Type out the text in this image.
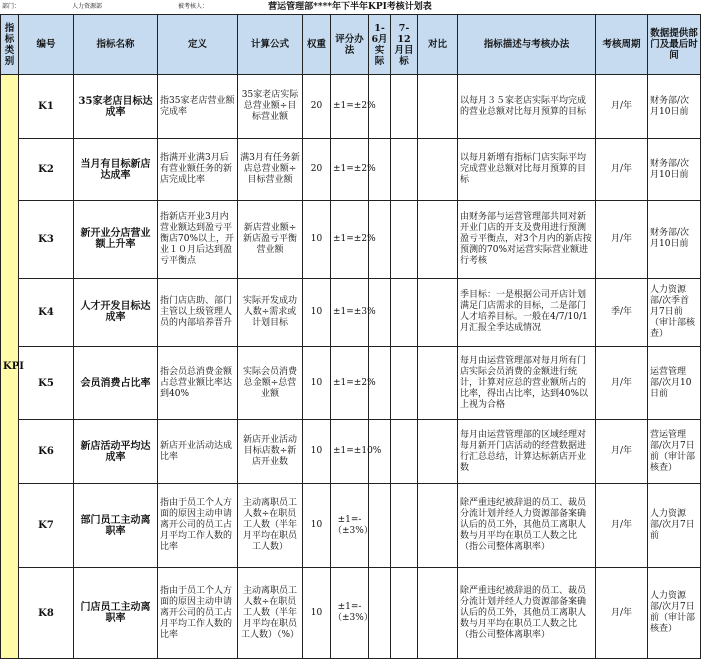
部门：	人力资源部	被考核人：	营运管理部****年下半年KPI考核计划表
指标类别	编号	指标名称	定义	计算公式	权重	评分办法	1-6月实际	7-12月目标	对比	指标描述与考核办法	考核周期	数据提供部门及最后时间
KPI	K1	35家老店目标达成率	指35家老店营业额完成率	35家老店实际总营业额÷目标营业额	20	±1=±2%				以每月３５家老店实际平均完成的营业总额对比每月预算的目标	月/年	财务部/次月10日前
	K2	当月有目标新店达成率	指满开业满3月后有营业额任务的新店完成比率	满3月有任务新店总营业额÷目标营业额	20	±1=±2%				以每月新增有指标门店实际平均完成营业总额对比每月预算的目标	月/年	财务部/次月10日前
	K3	新开业分店营业额上升率	指新店开业3月内营业额达到盈亏平衡店70%以上，开业１０月后达到盈亏平衡点	新店营业额÷新店盈亏平衡营业额	10	±1=±2%				由财务部与运营管理部共同对新开业门店的开支及费用进行预测盈亏平衡点，对3个月内的新店按预测的70%对运营实际营业额进行考核	月/年	财务部/次月10日前
	K4	人才开发目标达成率	指门店店助、部门主管以上级管理人员的内部培养晋升	实际开发成功人数÷需求或计划目标	10	±1=±3%				季目标：一是根据公司开店计划满足门店需求的目标，二是部门人才培养目标。一般在4/7/10/1月汇报全季达成情况	季/年	人力资源部/次季首月7日前（审计部核查）
	K5	会员消费占比率	指会员总消费金额占总营业额比率达到40%	实际会员消费总金额÷总营业额	10	±1=±2%				每月由运营管理部对每月所有门店实际会员消费的金额进行统计，计算对应总的营业额所占的比率，得出占比率，达到40%以上视为合格	月/年	运营管理部/次月10日前
	K6	新店活动平均达成率	新店开业活动达成比率	新店开业活动目标店数÷新店开业数	10	±1=±10%				每月由运营管理部的区域经理对每月新开门店活动的经营数据进行汇总总结，计算达标新店开业数	月/年	营运管理部/次月7日前（审计部核查）
	K7	部门员工主动离职率	指由于员工个人方面的原因主动申请离开公司的员工占月平均工作人数的比率	主动离职员工人数÷在职员工人数（半年月平均在职员工人数）	10	±1=-（±3%）				除严重违纪被辞退的员工、裁员分流计划并经人力资源部备案确认后的员工外，其他员工离职人数与月平均在职员工人数之比（指公司整体离职率）	月/年	人力资源部/次月7日前
	K8	门店员工主动离职率	指由于员工个人方面的原因主动申请离开公司的员工占月平均工作人数的比率	主动离职员工人数÷在职员工人数（半年月平均在职员工人数）（%）	10	±1=-（±3%）				除严重违纪被辞退的员工、裁员分流计划并经人力资源部备案确认后的员工外，其他员工离职人数与月平均在职员工人数之比（指公司整体离职率）	月/年	人力资源部/次月7日前（审计部核查）
